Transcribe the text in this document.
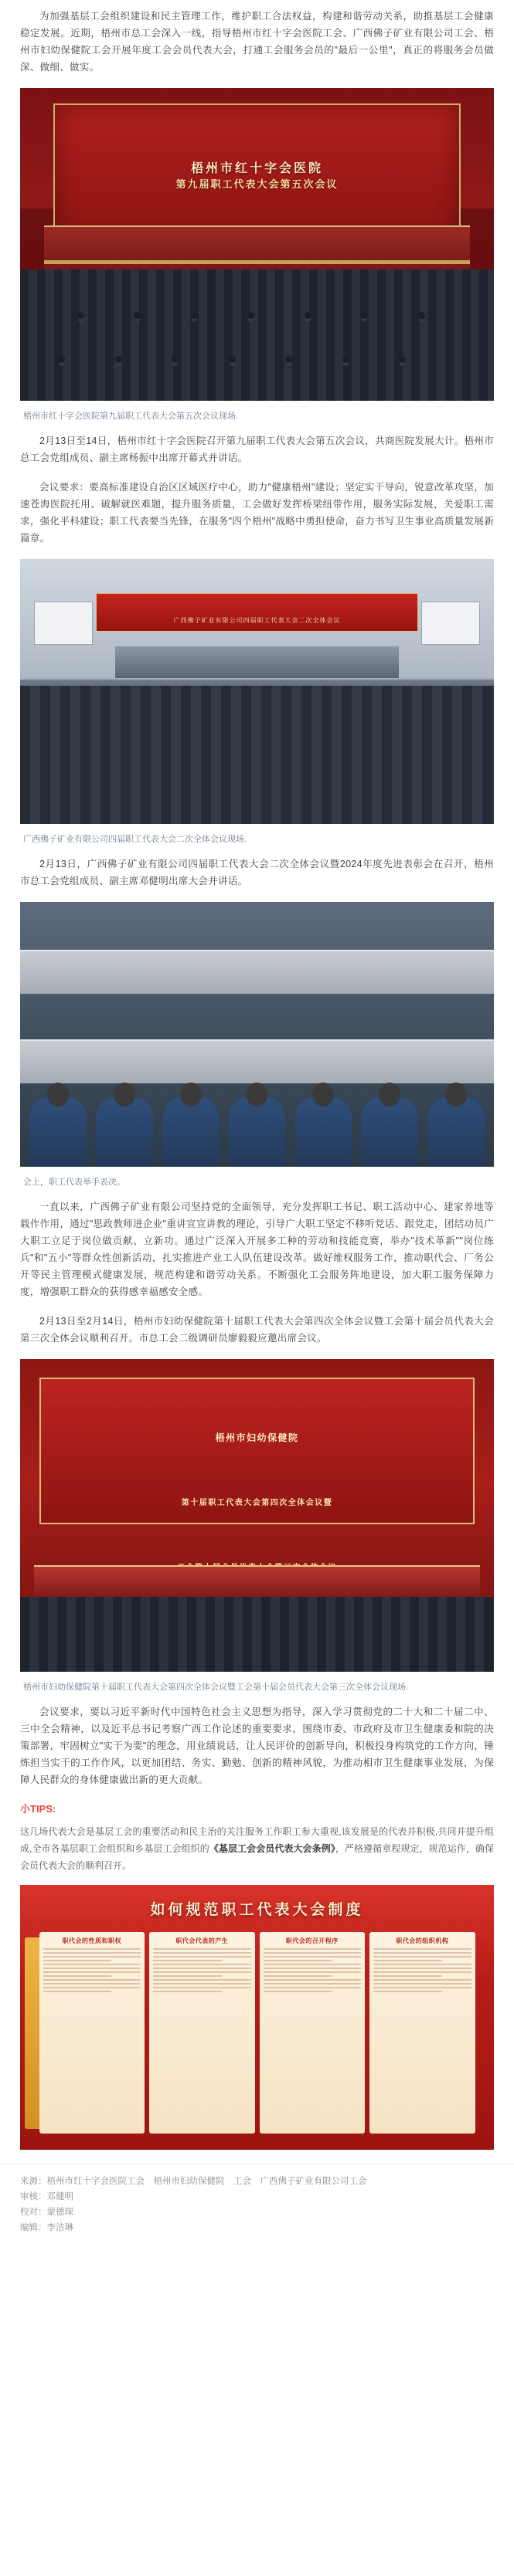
为加强基层工会组织建设和民主管理工作，维护职工合法权益，构建和谐劳动关系，助推基层工会健康稳定发展。近期，梧州市总工会深入一线，指导梧州市红十字会医院工会、广西佛子矿业有限公司工会、梧州市妇幼保健院工会开展年度工会会员代表大会，打通工会服务会员的"最后一公里"，真正的将服务会员做深、做细、做实。

梧州市红十字会医院
第九届职工代表大会第五次会议
梧州市红十字会医院第九届职工代表大会第五次会议现场.

2月13日至14日，梧州市红十字会医院召开第九届职工代表大会第五次会议，共商医院发展大计。梧州市总工会党组成员、副主席杨振中出席开幕式并讲话。

会议要求：要高标准建设自治区区域医疗中心，助力"健康梧州"建设；坚定实干导向，锐意改革攻坚，加速苍海医院托用、破解就医难题，提升服务质量，工会做好发挥桥梁纽带作用，服务实际发展，关爱职工需求，强化平科建设；职工代表要当先锋，在服务"四个梧州"战略中勇担使命，奋力书写卫生事业高质量发展新篇章。

广西佛子矿业有限公司四届职工代表大会二次全体会议
广西佛子矿业有限公司四届职工代表大会二次全体会议现场.

2月13日，广西佛子矿业有限公司四届职工代表大会二次全体会议暨2024年度先进表彰会在召开，梧州市总工会党组成员、副主席邓健明出席大会并讲话。

会上，职工代表举手表决。

一直以来，广西佛子矿业有限公司坚持党的全面领导，充分发挥职工书记、职工活动中心、建家养地等载作作用，通过"思政教师进企业"重讲宣宣讲教的理论，引导广大职工坚定不移听党话、跟党走，团结动员广大职工立足于岗位做贡献、立新功。通过广泛深入开展多工种的劳动和技能竞赛，举办"技术革新""岗位练兵"和"五小"等群众性创新活动，扎实推进产业工人队伍建设改革。做好维权服务工作，推动职代会、厂务公开等民主管理模式健康发展，规范构建和谐劳动关系。不断强化工会服务阵地建设，加大职工服务保障力度，增强职工群众的获得感幸福感安全感。

2月13日至2月14日，梧州市妇幼保健院第十届职工代表大会第四次全体会议暨工会第十届会员代表大会第三次全体会议顺利召开。市总工会二级调研员廖毅毅应邀出席会议。

梧州市妇幼保健院
第十届职工代表大会第四次全体会议暨
梧州市妇幼保健院第十届职工代表大会第四次全体会议暨工会第十届会员代表大会第三次全体会议现场.

会议要求，要以习近平新时代中国特色社会主义思想为指导，深入学习贯彻党的二十大和二十届二中、三中全会精神，以及近平总书记考察广西工作论述的重要要求，围绕市委、市政府及市卫生健康委和院的决策部署，牢固树立"实干为要"的理念，用业绩说话，让人民评价的创新导向，积极投身构筑党的工作方向，锤炼担当实干的工作作风，以更加团结、务实、勤勉、创新的精神风貌，为推动相市卫生健康事业发展，为保障人民群众的身体健康做出新的更大贡献。

小TIPS:
这几场代表大会是基层工会的重要活动和民主治的关注服务工作职工参大重视,该发展是的代表并积极,共同并提升组成,全市各基层职工会组织和乡基层工会组织的《基层工会会员代表大会条例》，严格遵循章程规定，规范运作，确保会员代表大会的顺利召开。
如何规范职工代表大会制度
职代会的性质和职权	职代会代表的产生	职代会的召开程序	职代会的组织机构
来源：梧州市红十字会医院工会　梧州市妇幼保健院　工会　广西佛子矿业有限公司工会
审核：邓健明
校对：蒙德琛
编辑：李洁琳
